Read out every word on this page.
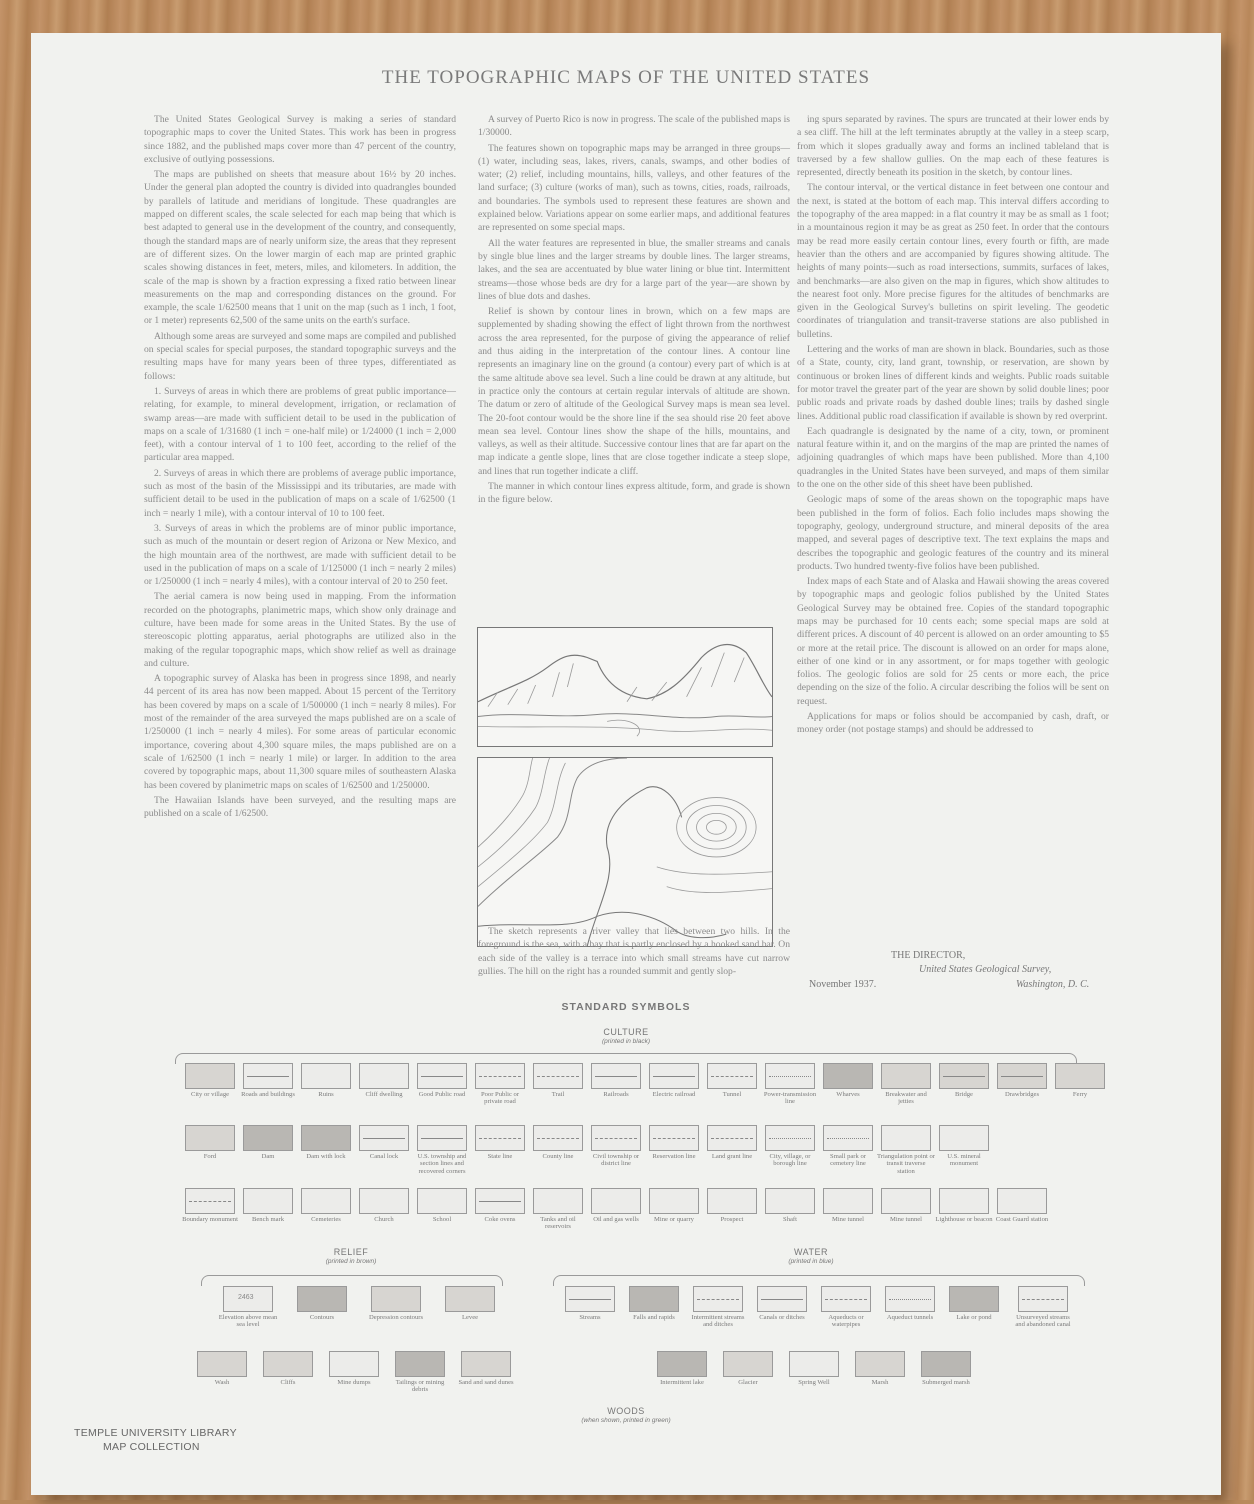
THE TOPOGRAPHIC MAPS OF THE UNITED STATES

The United States Geological Survey is making a series of standard topographic maps to cover the United States. This work has been in progress since 1882, and the published maps cover more than 47 percent of the country, exclusive of outlying possessions.

The maps are published on sheets that measure about 16½ by 20 inches. Under the general plan adopted the country is divided into quadrangles bounded by parallels of latitude and meridians of longitude. These quadrangles are mapped on different scales, the scale selected for each map being that which is best adapted to general use in the development of the country, and consequently, though the standard maps are of nearly uniform size, the areas that they represent are of different sizes. On the lower margin of each map are printed graphic scales showing distances in feet, meters, miles, and kilometers. In addition, the scale of the map is shown by a fraction expressing a fixed ratio between linear measurements on the map and corresponding distances on the ground. For example, the scale 1/62500 means that 1 unit on the map (such as 1 inch, 1 foot, or 1 meter) represents 62,500 of the same units on the earth's surface.

Although some areas are surveyed and some maps are compiled and published on special scales for special purposes, the standard topographic surveys and the resulting maps have for many years been of three types, differentiated as follows:

1. Surveys of areas in which there are problems of great public importance—relating, for example, to mineral development, irrigation, or reclamation of swamp areas—are made with sufficient detail to be used in the publication of maps on a scale of 1/31680 (1 inch = one-half mile) or 1/24000 (1 inch = 2,000 feet), with a contour interval of 1 to 100 feet, according to the relief of the particular area mapped.

2. Surveys of areas in which there are problems of average public importance, such as most of the basin of the Mississippi and its tributaries, are made with sufficient detail to be used in the publication of maps on a scale of 1/62500 (1 inch = nearly 1 mile), with a contour interval of 10 to 100 feet.

3. Surveys of areas in which the problems are of minor public importance, such as much of the mountain or desert region of Arizona or New Mexico, and the high mountain area of the northwest, are made with sufficient detail to be used in the publication of maps on a scale of 1/125000 (1 inch = nearly 2 miles) or 1/250000 (1 inch = nearly 4 miles), with a contour interval of 20 to 250 feet.

The aerial camera is now being used in mapping. From the information recorded on the photographs, planimetric maps, which show only drainage and culture, have been made for some areas in the United States. By the use of stereoscopic plotting apparatus, aerial photographs are utilized also in the making of the regular topographic maps, which show relief as well as drainage and culture.

A topographic survey of Alaska has been in progress since 1898, and nearly 44 percent of its area has now been mapped. About 15 percent of the Territory has been covered by maps on a scale of 1/500000 (1 inch = nearly 8 miles). For most of the remainder of the area surveyed the maps published are on a scale of 1/250000 (1 inch = nearly 4 miles). For some areas of particular economic importance, covering about 4,300 square miles, the maps published are on a scale of 1/62500 (1 inch = nearly 1 mile) or larger. In addition to the area covered by topographic maps, about 11,300 square miles of southeastern Alaska has been covered by planimetric maps on scales of 1/62500 and 1/250000.

The Hawaiian Islands have been surveyed, and the resulting maps are published on a scale of 1/62500.

A survey of Puerto Rico is now in progress. The scale of the published maps is 1/30000.

The features shown on topographic maps may be arranged in three groups—(1) water, including seas, lakes, rivers, canals, swamps, and other bodies of water; (2) relief, including mountains, hills, valleys, and other features of the land surface; (3) culture (works of man), such as towns, cities, roads, railroads, and boundaries. The symbols used to represent these features are shown and explained below. Variations appear on some earlier maps, and additional features are represented on some special maps.

All the water features are represented in blue, the smaller streams and canals by single blue lines and the larger streams by double lines. The larger streams, lakes, and the sea are accentuated by blue water lining or blue tint. Intermittent streams—those whose beds are dry for a large part of the year—are shown by lines of blue dots and dashes.

Relief is shown by contour lines in brown, which on a few maps are supplemented by shading showing the effect of light thrown from the northwest across the area represented, for the purpose of giving the appearance of relief and thus aiding in the interpretation of the contour lines. A contour line represents an imaginary line on the ground (a contour) every part of which is at the same altitude above sea level. Such a line could be drawn at any altitude, but in practice only the contours at certain regular intervals of altitude are shown. The datum or zero of altitude of the Geological Survey maps is mean sea level. The 20-foot contour would be the shore line if the sea should rise 20 feet above mean sea level. Contour lines show the shape of the hills, mountains, and valleys, as well as their altitude. Successive contour lines that are far apart on the map indicate a gentle slope, lines that are close together indicate a steep slope, and lines that run together indicate a cliff.

The manner in which contour lines express altitude, form, and grade is shown in the figure below.

The sketch represents a river valley that lies between two hills. In the foreground is the sea, with a bay that is partly enclosed by a hooked sand bar. On each side of the valley is a terrace into which small streams have cut narrow gullies. The hill on the right has a rounded summit and gently slop-

ing spurs separated by ravines. The spurs are truncated at their lower ends by a sea cliff. The hill at the left terminates abruptly at the valley in a steep scarp, from which it slopes gradually away and forms an inclined tableland that is traversed by a few shallow gullies. On the map each of these features is represented, directly beneath its position in the sketch, by contour lines.

The contour interval, or the vertical distance in feet between one contour and the next, is stated at the bottom of each map. This interval differs according to the topography of the area mapped: in a flat country it may be as small as 1 foot; in a mountainous region it may be as great as 250 feet. In order that the contours may be read more easily certain contour lines, every fourth or fifth, are made heavier than the others and are accompanied by figures showing altitude. The heights of many points—such as road intersections, summits, surfaces of lakes, and benchmarks—are also given on the map in figures, which show altitudes to the nearest foot only. More precise figures for the altitudes of benchmarks are given in the Geological Survey's bulletins on spirit leveling. The geodetic coordinates of triangulation and transit-traverse stations are also published in bulletins.

Lettering and the works of man are shown in black. Boundaries, such as those of a State, county, city, land grant, township, or reservation, are shown by continuous or broken lines of different kinds and weights. Public roads suitable for motor travel the greater part of the year are shown by solid double lines; poor public roads and private roads by dashed double lines; trails by dashed single lines. Additional public road classification if available is shown by red overprint.

Each quadrangle is designated by the name of a city, town, or prominent natural feature within it, and on the margins of the map are printed the names of adjoining quadrangles of which maps have been published. More than 4,100 quadrangles in the United States have been surveyed, and maps of them similar to the one on the other side of this sheet have been published.

Geologic maps of some of the areas shown on the topographic maps have been published in the form of folios. Each folio includes maps showing the topography, geology, underground structure, and mineral deposits of the area mapped, and several pages of descriptive text. The text explains the maps and describes the topographic and geologic features of the country and its mineral products. Two hundred twenty-five folios have been published.

Index maps of each State and of Alaska and Hawaii showing the areas covered by topographic maps and geologic folios published by the United States Geological Survey may be obtained free. Copies of the standard topographic maps may be purchased for 10 cents each; some special maps are sold at different prices. A discount of 40 percent is allowed on an order amounting to $5 or more at the retail price. The discount is allowed on an order for maps alone, either of one kind or in any assortment, or for maps together with geologic folios. The geologic folios are sold for 25 cents or more each, the price depending on the size of the folio. A circular describing the folios will be sent on request.

Applications for maps or folios should be accompanied by cash, draft, or money order (not postage stamps) and should be addressed to

THE DIRECTOR,
United States Geological Survey,
November 1937.	Washington, D. C.
STANDARD SYMBOLS
CULTURE
(printed in black)
City or village Roads and buildings	Ruins	Cliff dwelling Good Public road	Poor Public or private road
Trail	Railroads	Electric railroad	Tunnel	Power-transmission line
Wharves	Breakwater and jetties
Bridge	Drawbridges	Ferry
Ford	Dam	Dam with lock	Canal lock	U.S. township and section lines and recovered corners
State line	County line	Civil township or district line
Reservation line Land grant line	City, village, or borough line
Small park or cemetery line
Triangulation point or transit traverse station
U.S. mineral monument
Boundary monument Bench mark	Cemeteries	Church	School	Coke ovens	Tanks and oil reservoirs
Oil and gas wells Mine or quarry	Prospect	Shaft	Mine tunnel	Mine tunnel Lighthouse or beacon Coast Guard station
RELIEF
(printed in brown)
WATER
(printed in blue)
2463
Elevation above mean sea level
Contours	Depression contours	Levee
Wash	Cliffs	Mine dumps	Tailings or mining debris
Sand and sand dunes
Streams	Falls and rapids	Intermittent streams and ditches
Canals or ditches	Aqueducts or waterpipes
Aqueduct tunnels	Lake or pond	Unsurveyed streams and abandoned canal
Intermittent lake	Glacier	Spring Well	Marsh	Submerged marsh
WOODS
(when shown, printed in green)
TEMPLE UNIVERSITY LIBRARY
MAP COLLECTION
